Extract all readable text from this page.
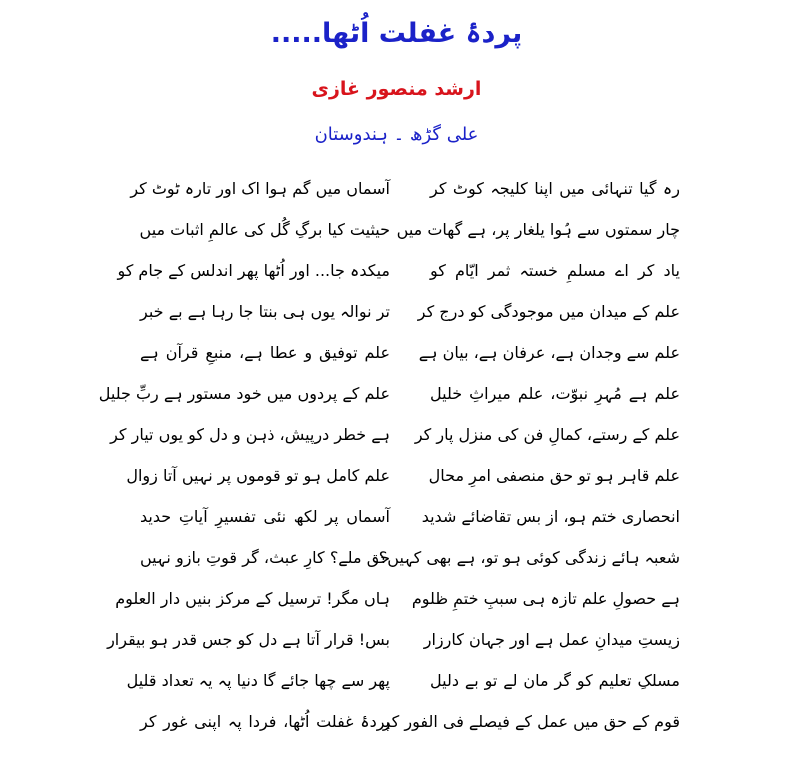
پردۂ غفلت اُٹھا.....
ارشد منصور غازی
علی گڑھ ۔ ہندوستان
رہ گیا تنہائی میں اپنا کلیجہ کوٹ کر
آسماں میں گم ہوا اک اور تارہ ٹوٹ کر
چار سمتوں سے ہُوا یلغار پر، ہے گھات میں
حیثیت کیا برگِ گُل کی عالمِ اثبات میں
یاد کر اے مسلمِ خستہ ثمر ایّام کو
میکدہ جا... اور اُٹھا پھر اندلس کے جام کو
علم کے میدان میں موجودگی کو درج کر
تر نوالہ یوں ہی بنتا جا رہا ہے بے خبر
علم سے وجدان ہے، عرفان ہے، بیان ہے
علم توفیق و عطا ہے، منبعِ قرآن ہے
علم ہے مُہرِ نبوّت، علم میراثِ خلیل
علم کے پردوں میں خود مستور ہے ربِّ جلیل
علم کے رستے، کمالِ فن کی منزل پار کر
ہے خطر درپیش، ذہن و دل کو یوں تیار کر
علم قاہر ہو تو حق منصفی امرِ محال
علم کامل ہو تو قوموں پر نہیں آتا زوال
انحصاری ختم ہو، از بس تقاضائے شدید
آسماں پر لکھ نئی تفسیرِ آیاتِ حدید
شعبہ ہائے زندگی کوئی ہو تو، ہے بھی کہیں؟
حق ملے؟ کارِ عبث، گر قوتِ بازو نہیں
ہے حصولِ علم تازہ ہی سببِ ختمِ ظلوم
ہاں مگر! ترسیل کے مرکز بنیں دار العلوم
زیستِ میدانِ عمل ہے اور جہان کارزار
بس! قرار آتا ہے دل کو جس قدر ہو بیقرار
مسلکِ تعلیم کو گر مان لے تو بے دلیل
پھر سے چھا جائے گا دنیا پہ یہ تعداد قلیل
قوم کے حق میں عمل کے فیصلے فی الفور کر
پردۂ غفلت اُٹھا، فردا پہ اپنی غور کر
